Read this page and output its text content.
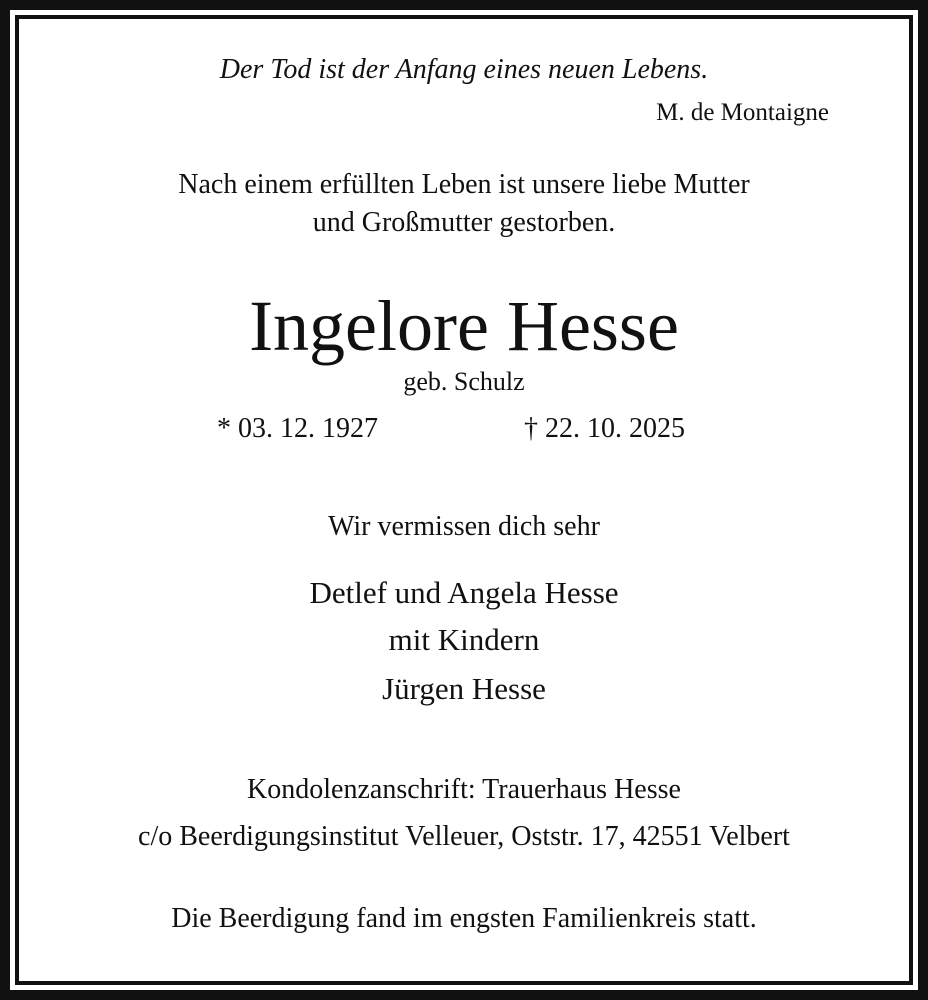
Der Tod ist der Anfang eines neuen Lebens.
M. de Montaigne
Nach einem erfüllten Leben ist unsere liebe Mutter
und Großmutter gestorben.
Ingelore Hesse
geb. Schulz
* 03. 12. 1927	† 22. 10. 2025
Wir vermissen dich sehr
Detlef und Angela Hesse
mit Kindern
Jürgen Hesse
Kondolenzanschrift: Trauerhaus Hesse
c/o Beerdigungsinstitut Velleuer, Oststr. 17, 42551 Velbert
Die Beerdigung fand im engsten Familienkreis statt.
